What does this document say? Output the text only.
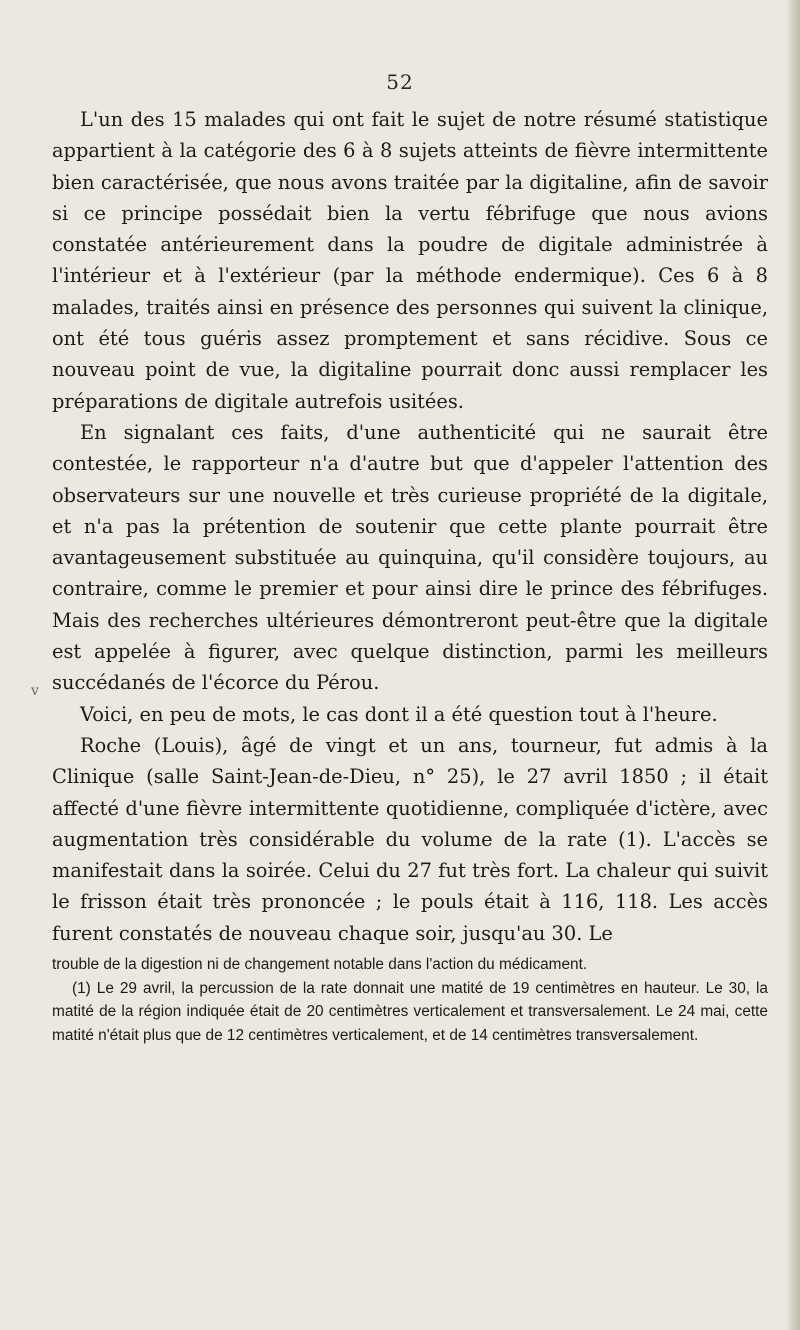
52
v

L'un des 15 malades qui ont fait le sujet de notre résumé statistique appartient à la catégorie des 6 à 8 sujets atteints de fièvre intermittente bien caractérisée, que nous avons traitée par la digitaline, afin de savoir si ce principe possédait bien la vertu fébrifuge que nous avions constatée antérieurement dans la poudre de digitale administrée à l'intérieur et à l'extérieur (par la méthode endermique). Ces 6 à 8 malades, traités ainsi en présence des personnes qui suivent la clinique, ont été tous guéris assez promptement et sans récidive. Sous ce nouveau point de vue, la digitaline pourrait donc aussi remplacer les préparations de digitale autrefois usitées.

En signalant ces faits, d'une authenticité qui ne saurait être contestée, le rapporteur n'a d'autre but que d'appeler l'attention des observateurs sur une nouvelle et très curieuse propriété de la digitale, et n'a pas la prétention de soutenir que cette plante pourrait être avantageusement substituée au quinquina, qu'il considère toujours, au contraire, comme le premier et pour ainsi dire le prince des fébrifuges. Mais des recherches ultérieures démontreront peut-être que la digitale est appelée à figurer, avec quelque distinction, parmi les meilleurs succédanés de l'écorce du Pérou.

Voici, en peu de mots, le cas dont il a été question tout à l'heure.

Roche (Louis), âgé de vingt et un ans, tourneur, fut admis à la Clinique (salle Saint-Jean-de-Dieu, n° 25), le 27 avril 1850 ; il était affecté d'une fièvre intermittente quotidienne, compliquée d'ictère, avec augmentation très considérable du volume de la rate (1). L'accès se manifestait dans la soirée. Celui du 27 fut très fort. La chaleur qui suivit le frisson était très prononcée ; le pouls était à 116, 118. Les accès furent constatés de nouveau chaque soir, jusqu'au 30. Le

trouble de la digestion ni de changement notable dans l'action du médicament.

(1) Le 29 avril, la percussion de la rate donnait une matité de 19 centimètres en hauteur. Le 30, la matité de la région indiquée était de 20 centimètres verticalement et transversalement. Le 24 mai, cette matité n'était plus que de 12 centimètres verticalement, et de 14 centimètres transversalement.
